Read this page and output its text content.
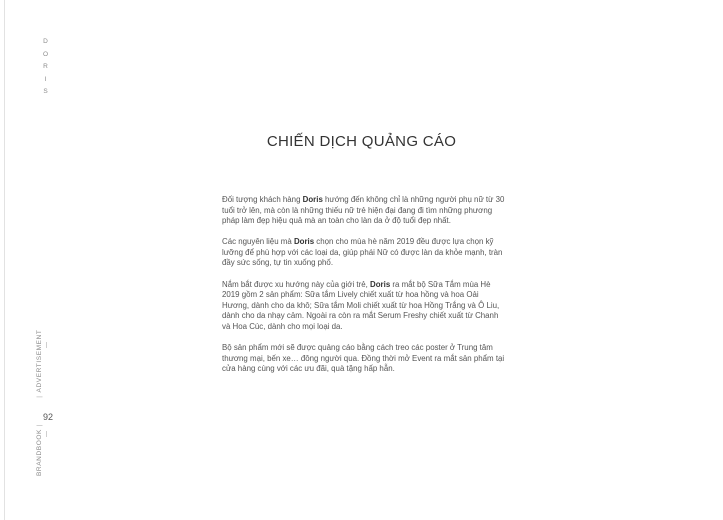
D
O
R
I
S
92
BRANDBOOK
|
|
ADVERTISEMENT
CHIẾN DỊCH QUẢNG CÁO

Đối tượng khách hàng Doris hướng đến không chỉ là những người phụ nữ từ 30 tuổi trở lên, mà còn là những thiếu nữ trẻ hiện đại đang đi tìm những phương pháp làm đẹp hiệu quả mà an toàn cho làn da ở độ tuổi đẹp nhất.

Các nguyên liệu mà Doris chọn cho mùa hè năm 2019 đều được lựa chọn kỹ lưỡng để phù hợp với các loại da, giúp phái Nữ có được làn da khỏe mạnh, tràn đầy sức sống, tự tin xuống phố.

Nắm bắt được xu hướng này của giới trẻ, Doris ra mắt bộ Sữa Tắm mùa Hè 2019 gồm 2 sản phẩm: Sữa tắm Lively chiết xuất từ hoa hồng và hoa Oải Hương, dành cho da khô; Sữa tắm Moli chiết xuất từ hoa Hồng Trắng và Ô Liu, dành cho da nhạy cảm. Ngoài ra còn ra mắt Serum Freshy chiết xuất từ Chanh và Hoa Cúc, dành cho mọi loại da.

Bộ sản phẩm mới sẽ được quảng cáo bằng cách treo các poster ở Trung tâm thương mại, bến xe… đông người qua. Đồng thời mở Event ra mắt sản phẩm tại cửa hàng cùng với các ưu đãi, quà tặng hấp hẫn.
